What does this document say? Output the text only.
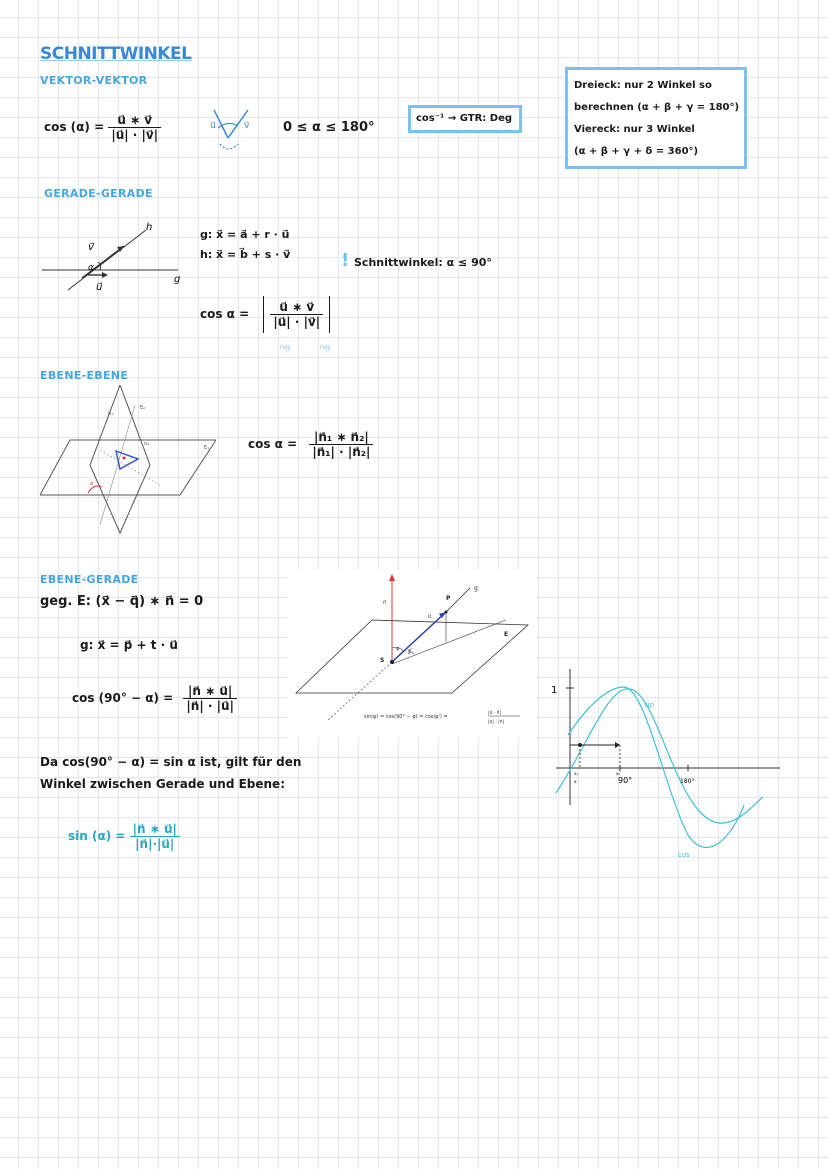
SCHNITTWINKEL
VEKTOR-VEKTOR
$\cos (\alpha) = \frac{u⃗ ∗ v⃗}{|u⃗| \cdot |v⃗|}$	u⃗	v⃗	0 ≤ α ≤ 180°
cos⁻¹ → GTR: Deg
Dreieck: nur 2 Winkel so
berechnen (α + β + γ = 180°)
Viereck: nur 3 Winkel
(α + β + γ + δ = 360°)
GERADE-GERADE
h
g
v⃗
u⃗
α
g: x⃗ = a⃗ + r · u⃗
h: x⃗ = b⃗ + s · v⃗	! Schnittwinkel: α ≤ 90°
$\cos \alpha = \frac{u⃗ ∗ v⃗}{|u⃗| \cdot |v⃗|}$
rvg.	rvg.
EBENE-EBENE
α
E₁
E₂
n₁
n₂	$\cos \alpha = \frac{\text{|n⃗₁ ∗ n⃗₂|}}{\text{|n⃗₁| · |n⃗₂|}}$
EBENE-GERADE
geg. E: (x⃗ − q⃗) ∗ n⃗ = 0
g: x⃗ = p⃗ + t · u⃗
$\cos (90^\circ - \alpha) = \frac{|n⃗ ∗ u⃗|}{|n⃗| \cdot |u⃗|}$
Da cos(90° − α) = sin α ist, gilt für den
Winkel zwischen Gerade und Ebene:
$\sin (\alpha) = \frac{|n⃗ ∗ u⃗|}{|n⃗|\cdot|u⃗|}$
n⃗
u⃗
P
g
E
S
φ φ'
sin(φ) = cos(90° − φ) = cos(φ') =
|u⃗ · n⃗|
|u⃗| · |n⃗|
1
x₁
α
x₂
90°	180°
sin
cos
